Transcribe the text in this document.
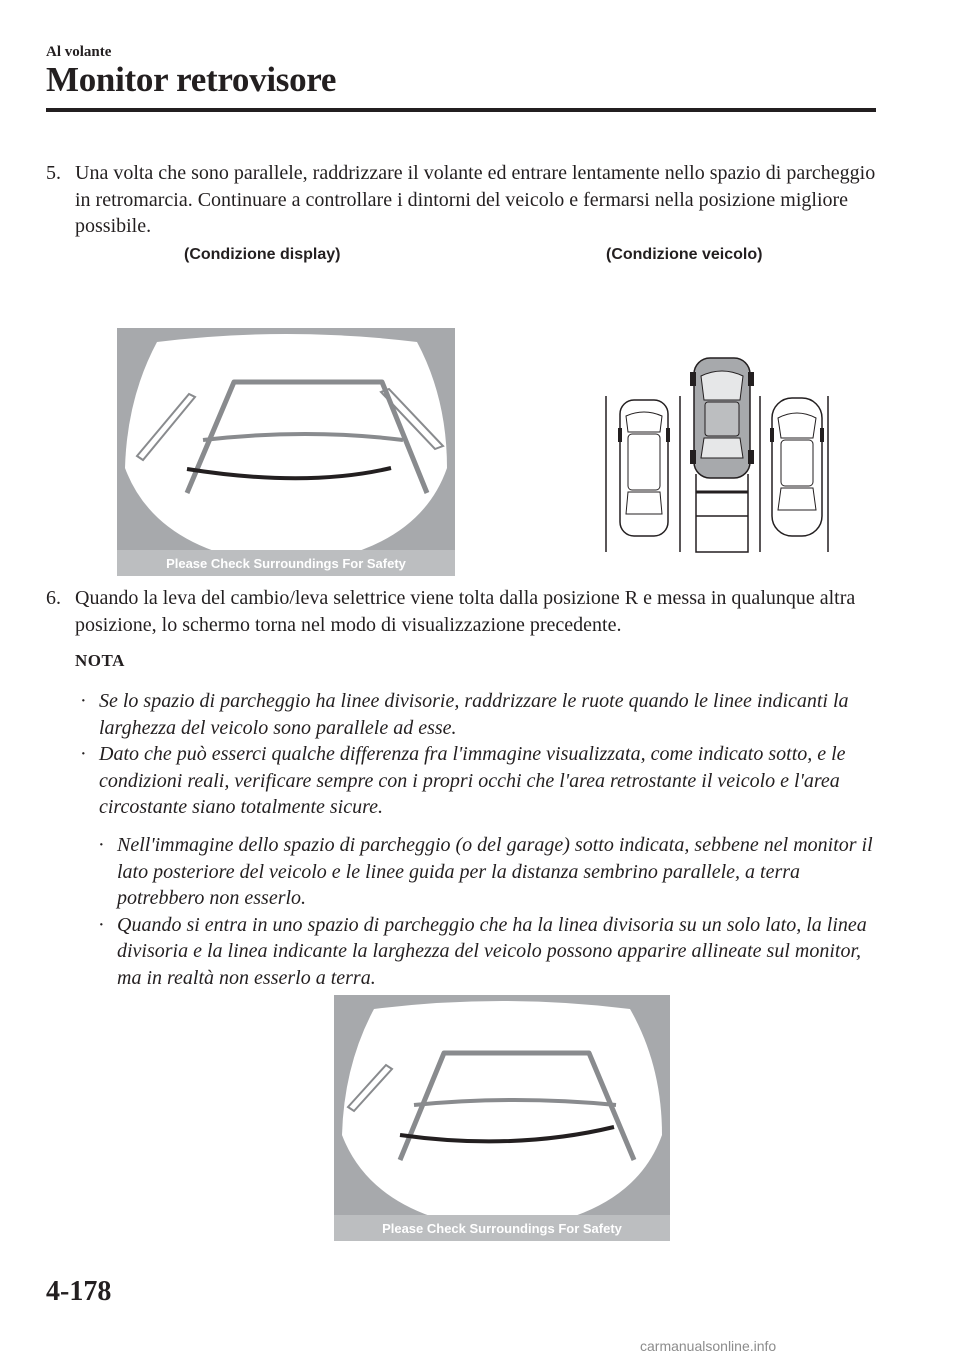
Al volante
Monitor retrovisore
5. Una volta che sono parallele, raddrizzare il volante ed entrare lentamente nello spazio di parcheggio in retromarcia. Continuare a controllare i dintorni del veicolo e fermarsi nella posizione migliore possibile.
(Condizione display)	(Condizione veicolo)
Please Check Surroundings For Safety
6. Quando la leva del cambio/leva selettrice viene tolta dalla posizione R e messa in qualunque altra posizione, lo schermo torna nel modo di visualizzazione precedente.
NOTA
· Se lo spazio di parcheggio ha linee divisorie, raddrizzare le ruote quando le linee indicanti la larghezza del veicolo sono parallele ad esse.
· Dato che può esserci qualche differenza fra l'immagine visualizzata, come indicato sotto, e le condizioni reali, verificare sempre con i propri occhi che l'area retrostante il veicolo e l'area circostante siano totalmente sicure.
· Nell'immagine dello spazio di parcheggio (o del garage) sotto indicata, sebbene nel monitor il lato posteriore del veicolo e le linee guida per la distanza sembrino parallele, a terra potrebbero non esserlo.
· Quando si entra in uno spazio di parcheggio che ha la linea divisoria su un solo lato, la linea divisoria e la linea indicante la larghezza del veicolo possono apparire allineate sul monitor, ma in realtà non esserlo a terra.
Please Check Surroundings For Safety
4-178
carmanualsonline.info
